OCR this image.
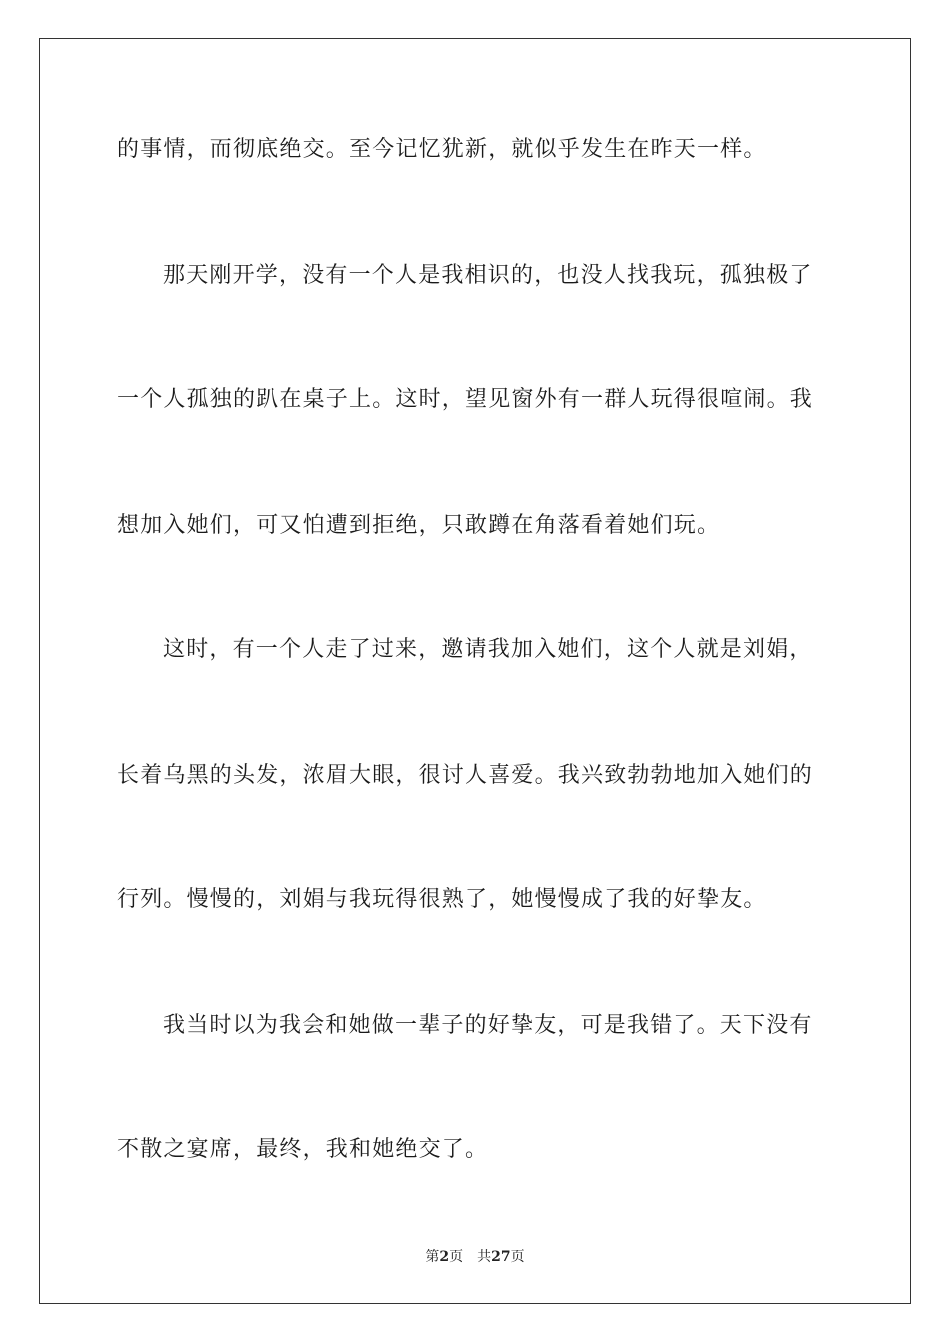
的事情，而彻底绝交。至今记忆犹新，就似乎发生在昨天一样。
那天刚开学，没有一个人是我相识的，也没人找我玩，孤独极了
一个人孤独的趴在桌子上。这时，望见窗外有一群人玩得很喧闹。我
想加入她们，可又怕遭到拒绝，只敢蹲在角落看着她们玩。
这时，有一个人走了过来，邀请我加入她们，这个人就是刘娟，
长着乌黑的头发，浓眉大眼，很讨人喜爱。我兴致勃勃地加入她们的
行列。慢慢的，刘娟与我玩得很熟了，她慢慢成了我的好挚友。
我当时以为我会和她做一辈子的好挚友，可是我错了。天下没有
不散之宴席，最终，我和她绝交了。
第2页 共27页
